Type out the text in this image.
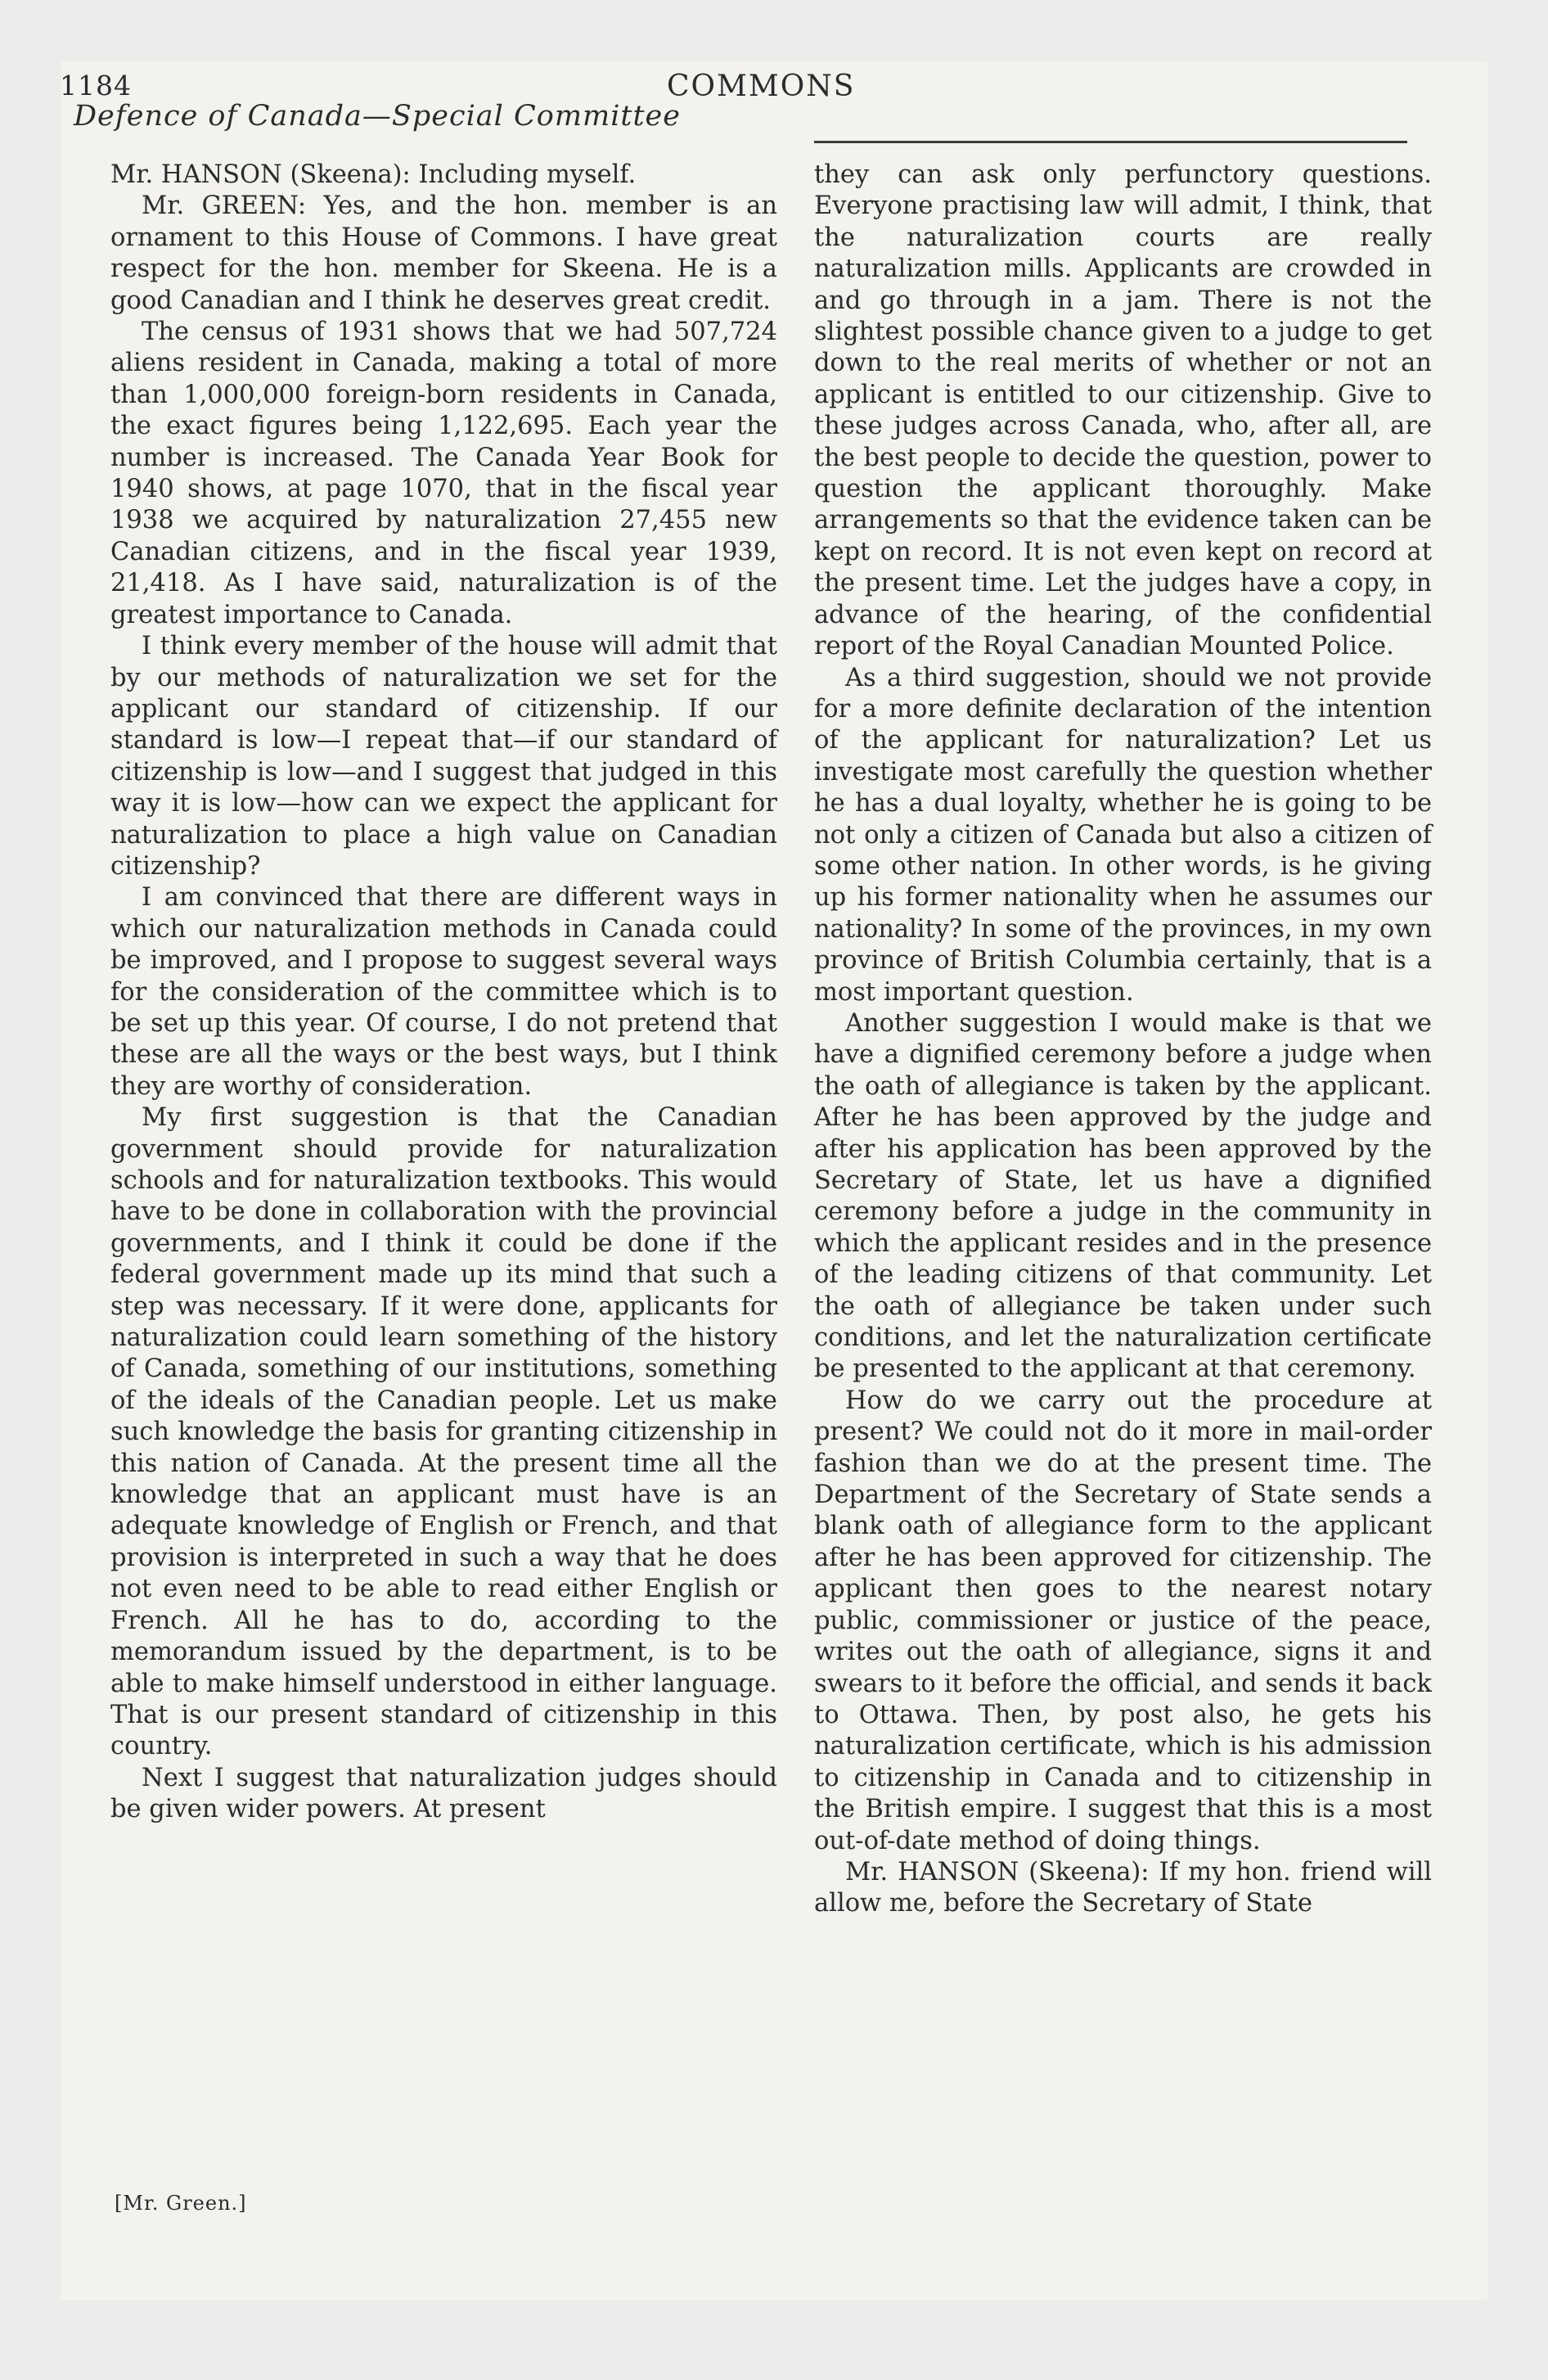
1184	COMMONS
Defence of Canada—Special Committee

Mr. HANSON (Skeena): Including myself.

Mr. GREEN: Yes, and the hon. member is an ornament to this House of Commons. I have great respect for the hon. member for Skeena. He is a good Canadian and I think he deserves great credit.

The census of 1931 shows that we had 507,724 aliens resident in Canada, making a total of more than 1,000,000 foreign-born residents in Canada, the exact figures being 1,122,695. Each year the number is increased. The Canada Year Book for 1940 shows, at page 1070, that in the fiscal year 1938 we acquired by naturalization 27,455 new Canadian citizens, and in the fiscal year 1939, 21,418. As I have said, naturalization is of the greatest importance to Canada.

I think every member of the house will admit that by our methods of naturalization we set for the applicant our standard of citizenship. If our standard is low—I repeat that—if our standard of citizenship is low—and I suggest that judged in this way it is low—how can we expect the applicant for naturalization to place a high value on Canadian citizenship?

I am convinced that there are different ways in which our naturalization methods in Canada could be improved, and I propose to suggest several ways for the consideration of the committee which is to be set up this year. Of course, I do not pretend that these are all the ways or the best ways, but I think they are worthy of consideration.

My first suggestion is that the Canadian government should provide for naturalization schools and for naturalization textbooks. This would have to be done in collaboration with the provincial governments, and I think it could be done if the federal government made up its mind that such a step was necessary. If it were done, applicants for naturalization could learn something of the history of Canada, something of our institutions, something of the ideals of the Canadian people. Let us make such knowledge the basis for granting citizenship in this nation of Canada. At the present time all the knowledge that an applicant must have is an adequate knowledge of English or French, and that provision is interpreted in such a way that he does not even need to be able to read either English or French. All he has to do, according to the memorandum issued by the department, is to be able to make himself understood in either language. That is our present standard of citizenship in this country.

Next I suggest that naturalization judges should be given wider powers. At present

they can ask only perfunctory questions. Everyone practising law will admit, I think, that the naturalization courts are really naturalization mills. Applicants are crowded in and go through in a jam. There is not the slightest possible chance given to a judge to get down to the real merits of whether or not an applicant is entitled to our citizenship. Give to these judges across Canada, who, after all, are the best people to decide the question, power to question the applicant thoroughly. Make arrangements so that the evidence taken can be kept on record. It is not even kept on record at the present time. Let the judges have a copy, in advance of the hearing, of the confidential report of the Royal Canadian Mounted Police.

As a third suggestion, should we not provide for a more definite declaration of the intention of the applicant for naturalization? Let us investigate most carefully the question whether he has a dual loyalty, whether he is going to be not only a citizen of Canada but also a citizen of some other nation. In other words, is he giving up his former nationality when he assumes our nationality? In some of the provinces, in my own province of British Columbia certainly, that is a most important question.

Another suggestion I would make is that we have a dignified ceremony before a judge when the oath of allegiance is taken by the applicant. After he has been approved by the judge and after his application has been approved by the Secretary of State, let us have a dignified ceremony before a judge in the community in which the applicant resides and in the presence of the leading citizens of that community. Let the oath of allegiance be taken under such conditions, and let the naturalization certificate be presented to the applicant at that ceremony.

How do we carry out the procedure at present? We could not do it more in mail-order fashion than we do at the present time. The Department of the Secretary of State sends a blank oath of allegiance form to the applicant after he has been approved for citizenship. The applicant then goes to the nearest notary public, commissioner or justice of the peace, writes out the oath of allegiance, signs it and swears to it before the official, and sends it back to Ottawa. Then, by post also, he gets his naturalization certificate, which is his admission to citizenship in Canada and to citizenship in the British empire. I suggest that this is a most out-of-date method of doing things.

Mr. HANSON (Skeena): If my hon. friend will allow me, before the Secretary of State

[Mr. Green.]
